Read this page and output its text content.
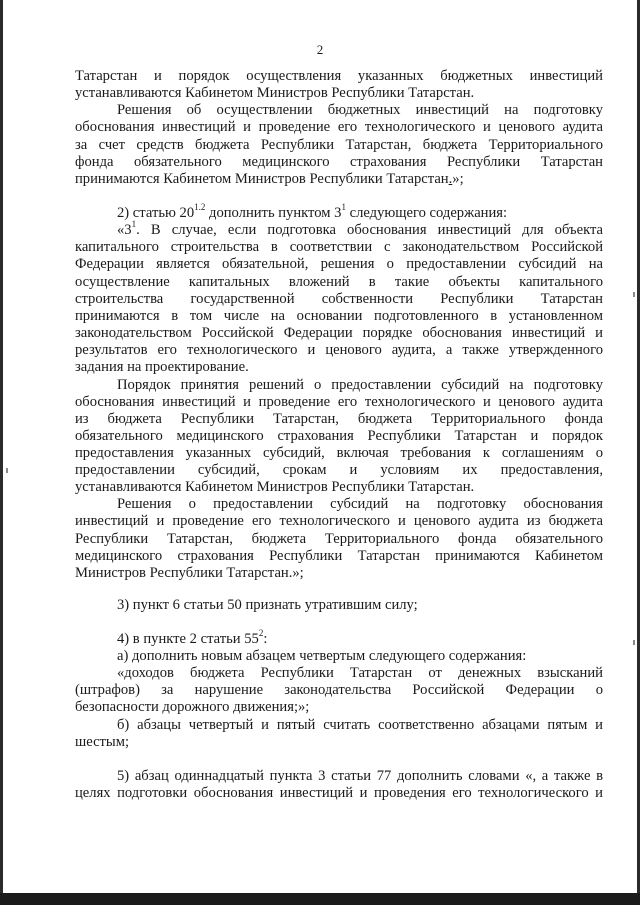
2
Татарстан и порядок осуществления указанных бюджетных инвестиций
устанавливаются Кабинетом Министров Республики Татарстан.
Решения об осуществлении бюджетных инвестиций на подготовку
обоснования инвестиций и проведение его технологического и ценового аудита
за счет средств бюджета Республики Татарстан, бюджета Территориального
фонда обязательного медицинского страхования Республики Татарстан
принимаются Кабинетом Министров Республики Татарстан.»;
2) статью $20^{1.2}$ дополнить пунктом $3^1$ следующего содержания:
«$3^1$. В случае, если подготовка обоснования инвестиций для объекта
капитального строительства в соответствии с законодательством Российской
Федерации является обязательной, решения о предоставлении субсидий на
осуществление капитальных вложений в такие объекты капитального
строительства государственной собственности Республики Татарстан
принимаются в том числе на основании подготовленного в установленном
законодательством Российской Федерации порядке обоснования инвестиций и
результатов его технологического и ценового аудита, а также утвержденного
задания на проектирование.
Порядок принятия решений о предоставлении субсидий на подготовку
обоснования инвестиций и проведение его технологического и ценового аудита
из бюджета Республики Татарстан, бюджета Территориального фонда
обязательного медицинского страхования Республики Татарстан и порядок
предоставления указанных субсидий, включая требования к соглашениям о
предоставлении субсидий, срокам и условиям их предоставления,
устанавливаются Кабинетом Министров Республики Татарстан.
Решения о предоставлении субсидий на подготовку обоснования
инвестиций и проведение его технологического и ценового аудита из бюджета
Республики Татарстан, бюджета Территориального фонда обязательного
медицинского страхования Республики Татарстан принимаются Кабинетом
Министров Республики Татарстан.»;
3) пункт 6 статьи 50 признать утратившим силу;
4) в пункте 2 статьи $55^2$:
а) дополнить новым абзацем четвертым следующего содержания:
«доходов бюджета Республики Татарстан от денежных взысканий
(штрафов) за нарушение законодательства Российской Федерации о
безопасности дорожного движения;»;
б) абзацы четвертый и пятый считать соответственно абзацами пятым и
шестым;
5) абзац одиннадцатый пункта 3 статьи 77 дополнить словами «, а также в
целях подготовки обоснования инвестиций и проведения его технологического и
